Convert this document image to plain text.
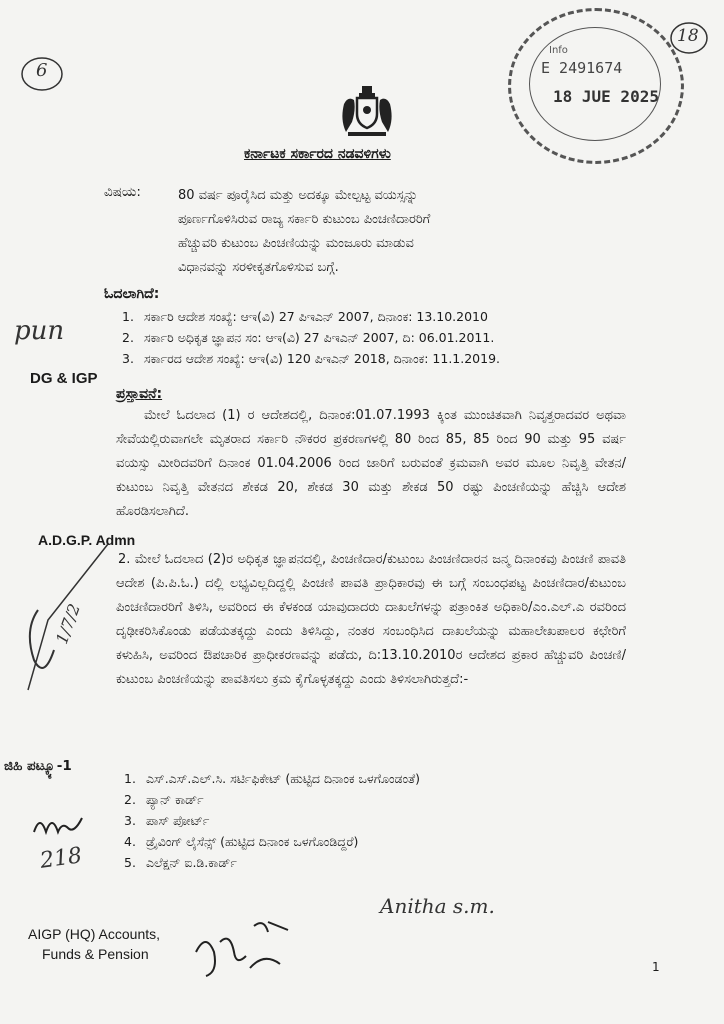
6
Info
E 2491674
18 JUE 2025
18
ಕರ್ನಾಟಕ ಸರ್ಕಾರದ ನಡವಳಿಗಳು
ವಿಷಯ:	80 ವರ್ಷ ಪೂರೈಸಿದ ಮತ್ತು ಅದಕ್ಕೂ ಮೇಲ್ಪಟ್ಟ ವಯಸ್ಸನ್ನು
ಪೂರ್ಣಗೊಳಿಸಿರುವ ರಾಜ್ಯ ಸರ್ಕಾರಿ ಕುಟುಂಬ ಪಿಂಚಣಿದಾರರಿಗೆ
ಹೆಚ್ಚುವರಿ ಕುಟುಂಬ ಪಿಂಚಣಿಯನ್ನು ಮಂಜೂರು ಮಾಡುವ
ವಿಧಾನವನ್ನು ಸರಳೀಕೃತಗೊಳಿಸುವ ಬಗ್ಗೆ.
ಓದಲಾಗಿದೆ:
1. ಸರ್ಕಾರಿ ಆದೇಶ ಸಂಖ್ಯೆ: ಆಇ(ವಿ) 27 ಪಿಇಎನ್ 2007, ದಿನಾಂಕ: 13.10.2010
2. ಸರ್ಕಾರಿ ಅಧಿಕೃತ ಜ್ಞಾಪನ ಸಂ: ಆಇ(ವಿ) 27 ಪಿಇಎನ್ 2007, ದಿ: 06.01.2011.
3. ಸರ್ಕಾರದ ಆದೇಶ ಸಂಖ್ಯೆ: ಆಇ(ವಿ) 120 ಪಿಇಎನ್ 2018, ದಿನಾಂಕ: 11.1.2019.
pun
DG & IGP
ಪ್ರಸ್ತಾವನೆ:
ಮೇಲೆ ಓದಲಾದ (1) ರ ಆದೇಶದಲ್ಲಿ, ದಿನಾಂಕ:01.07.1993 ಕ್ಕಿಂತ ಮುಂಚಿತವಾಗಿ ನಿವೃತ್ತರಾದವರ ಅಥವಾ ಸೇವೆಯಲ್ಲಿರುವಾಗಲೇ ಮೃತರಾದ ಸರ್ಕಾರಿ ನೌಕರರ ಪ್ರಕರಣಗಳಲ್ಲಿ 80 ರಿಂದ 85, 85 ರಿಂದ 90 ಮತ್ತು 95 ವರ್ಷ ವಯಸ್ಸು ಮೀರಿದವರಿಗೆ ದಿನಾಂಕ 01.04.2006 ರಿಂದ ಜಾರಿಗೆ ಬರುವಂತೆ ಕ್ರಮವಾಗಿ ಅವರ ಮೂಲ ನಿವೃತ್ತಿ ವೇತನ/ಕುಟುಂಬ ನಿವೃತ್ತಿ ವೇತನದ ಶೇಕಡ 20, ಶೇಕಡ 30 ಮತ್ತು ಶೇಕಡ 50 ರಷ್ಟು ಪಿಂಚಣಿಯನ್ನು ಹೆಚ್ಚಿಸಿ ಆದೇಶ ಹೊರಡಿಸಲಾಗಿದೆ.
A.D.G.P. Admn
2. ಮೇಲೆ ಓದಲಾದ (2)ರ ಅಧಿಕೃತ ಜ್ಞಾಪನದಲ್ಲಿ, ಪಿಂಚಣಿದಾರ/ಕುಟುಂಬ ಪಿಂಚಣಿದಾರನ ಜನ್ಮ ದಿನಾಂಕವು ಪಿಂಚಣಿ ಪಾವತಿ ಆದೇಶ (ಪಿ.ಪಿ.ಓ.) ದಲ್ಲಿ ಲಭ್ಯವಿಲ್ಲದಿದ್ದಲ್ಲಿ ಪಿಂಚಣಿ ಪಾವತಿ ಪ್ರಾಧಿಕಾರವು ಈ ಬಗ್ಗೆ ಸಂಬಂಧಪಟ್ಟ ಪಿಂಚಣಿದಾರ/ಕುಟುಂಬ ಪಿಂಚಣಿದಾರರಿಗೆ ತಿಳಿಸಿ, ಅವರಿಂದ ಈ ಕೆಳಕಂಡ ಯಾವುದಾದರು ದಾಖಲೆಗಳನ್ನು ಪತ್ರಾಂಕಿತ ಅಧಿಕಾರಿ/ಎಂ.ಎಲ್.ಎ ರವರಿಂದ ದೃಢೀಕರಿಸಿಕೊಂಡು ಪಡೆಯತಕ್ಕದ್ದು ಎಂದು ತಿಳಿಸಿದ್ದು, ನಂತರ ಸಂಬಂಧಿಸಿದ ದಾಖಲೆಯನ್ನು ಮಹಾಲೇಖಪಾಲರ ಕಛೇರಿಗೆ ಕಳುಹಿಸಿ, ಅವರಿಂದ ಔಪಚಾರಿಕ ಪ್ರಾಧೀಕರಣವನ್ನು ಪಡೆದು, ದಿ:13.10.2010ರ ಆದೇಶದ ಪ್ರಕಾರ ಹೆಚ್ಚುವರಿ ಪಿಂಚಣಿ/ಕುಟುಂಬ ಪಿಂಚಣಿಯನ್ನು ಪಾವತಿಸಲು ಕ್ರಮ ಕೈಗೊಳ್ಳತಕ್ಕದ್ದು ಎಂದು ತಿಳಿಸಲಾಗಿರುತ್ತದೆ:-
1/7/2
ಜಿಹಿ ಪಟ್ಕ್ಯೂ-1
1. ಎಸ್.ಎಸ್.ಎಲ್.ಸಿ. ಸರ್ಟಿಫಿಕೇಟ್ (ಹುಟ್ಟಿದ ದಿನಾಂಕ ಒಳಗೊಂಡಂತೆ)
2. ಪ್ಯಾನ್ ಕಾರ್ಡ್
3. ಪಾಸ್ ಪೋರ್ಟ್
4. ಡ್ರೈವಿಂಗ್ ಲೈಸೆನ್ಸ್ (ಹುಟ್ಟಿದ ದಿನಾಂಕ ಒಳಗೊಂಡಿದ್ದರೆ)
5. ಎಲೆಕ್ಷನ್ ಐ.ಡಿ.ಕಾರ್ಡ್
218
Anitha s.m.
AIGP (HQ) Accounts,
Funds & Pension
1
